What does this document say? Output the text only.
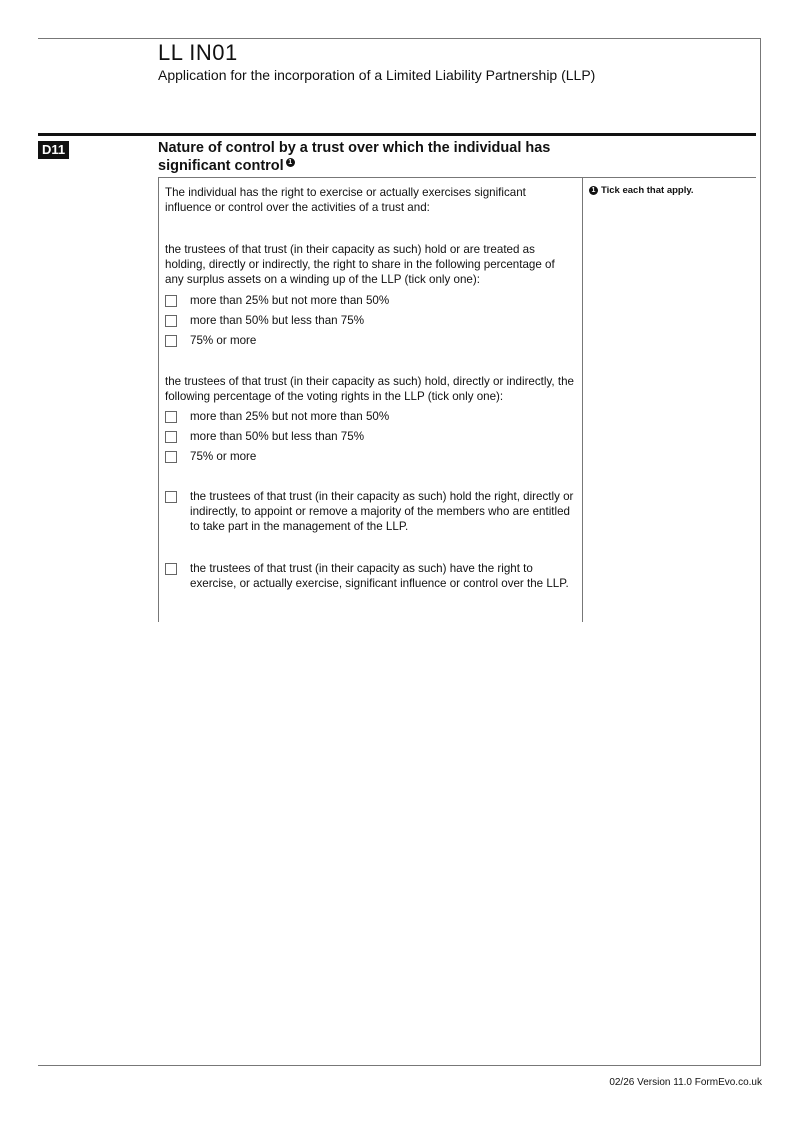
LL IN01
Application for the incorporation of a Limited Liability Partnership (LLP)
D11	Nature of control by a trust over which the individual has significant control 1
1 Tick each that apply.
The individual has the right to exercise or actually exercises significant influence or control over the activities of a trust and:
the trustees of that trust (in their capacity as such) hold or are treated as holding, directly or indirectly, the right to share in the following percentage of any surplus assets on a winding up of the LLP (tick only one):
more than 25% but not more than 50%
more than 50% but less than 75%
75% or more
the trustees of that trust (in their capacity as such) hold, directly or indirectly, the following percentage of the voting rights in the LLP (tick only one):
more than 25% but not more than 50%
more than 50% but less than 75%
75% or more
the trustees of that trust (in their capacity as such) hold the right, directly or indirectly, to appoint or remove a majority of the members who are entitled to take part in the management of the LLP.
the trustees of that trust (in their capacity as such) have the right to exercise, or actually exercise, significant influence or control over the LLP.
02/26 Version 11.0 FormEvo.co.uk
